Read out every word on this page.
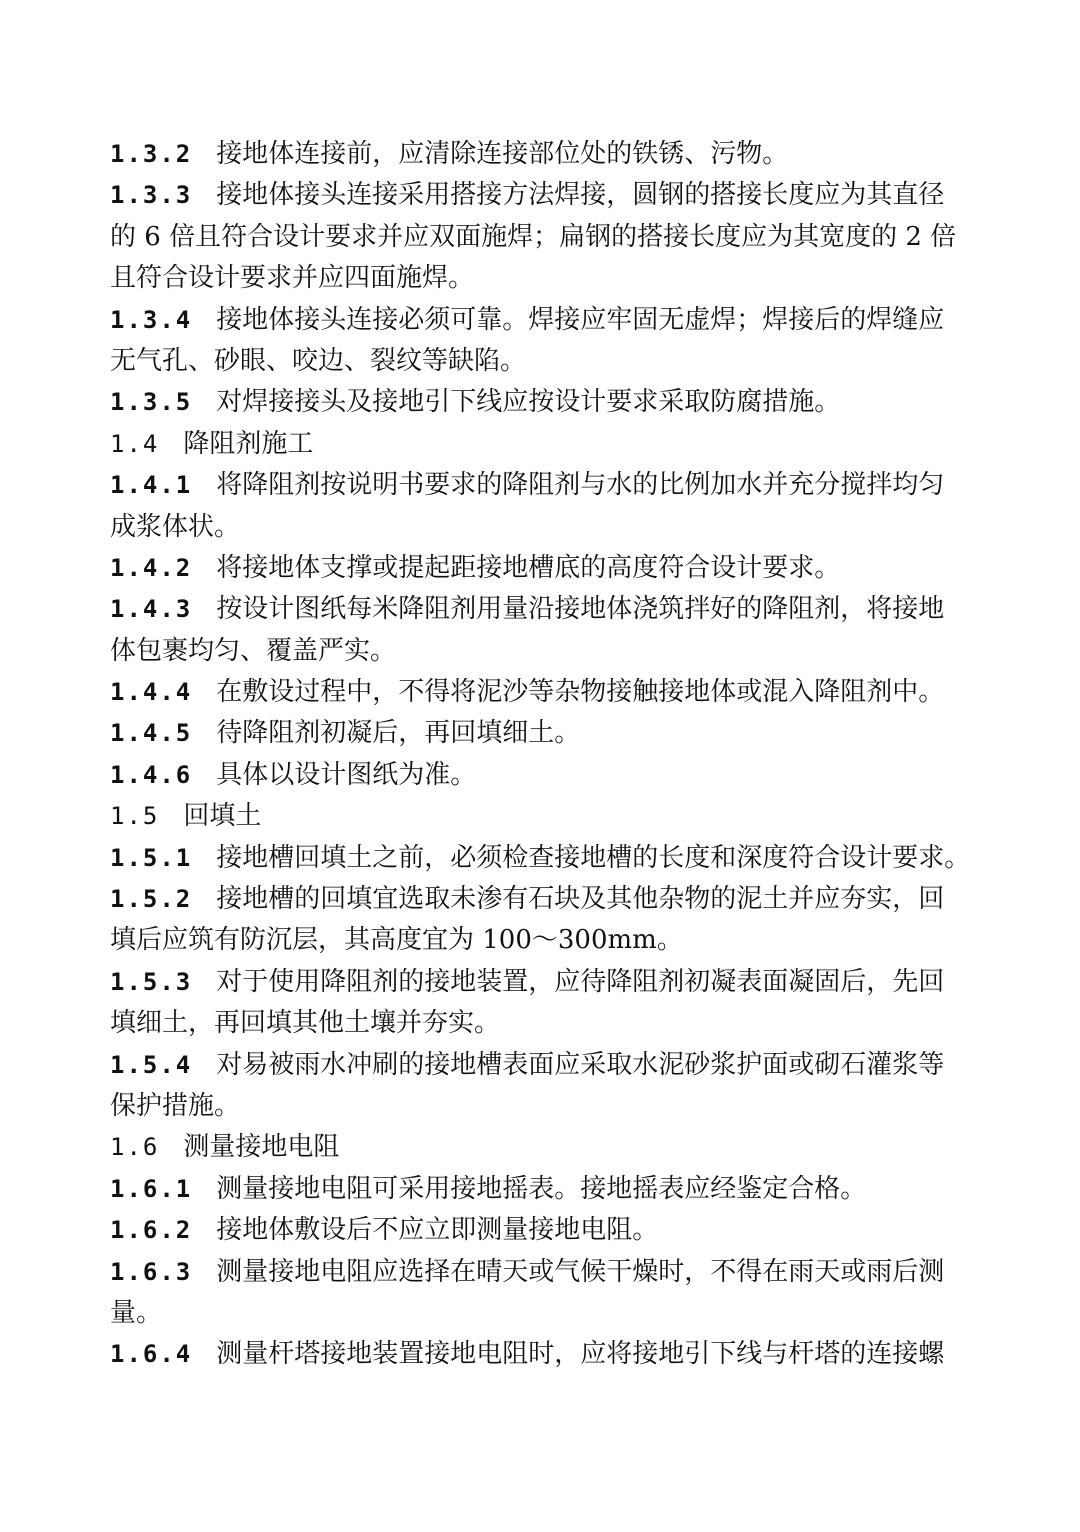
1.3.2 接地体连接前，应清除连接部位处的铁锈、污物。
1.3.3 接地体接头连接采用搭接方法焊接，圆钢的搭接长度应为其直径
的 6 倍且符合设计要求并应双面施焊；扁钢的搭接长度应为其宽度的 2 倍
且符合设计要求并应四面施焊。
1.3.4 接地体接头连接必须可靠。焊接应牢固无虚焊；焊接后的焊缝应
无气孔、砂眼、咬边、裂纹等缺陷。
1.3.5 对焊接接头及接地引下线应按设计要求采取防腐措施。
1.4 降阻剂施工
1.4.1 将降阻剂按说明书要求的降阻剂与水的比例加水并充分搅拌均匀
成浆体状。
1.4.2 将接地体支撑或提起距接地槽底的高度符合设计要求。
1.4.3 按设计图纸每米降阻剂用量沿接地体浇筑拌好的降阻剂，将接地
体包裹均匀、覆盖严实。
1.4.4 在敷设过程中，不得将泥沙等杂物接触接地体或混入降阻剂中。
1.4.5 待降阻剂初凝后，再回填细土。
1.4.6 具体以设计图纸为准。
1.5 回填土
1.5.1 接地槽回填土之前，必须检查接地槽的长度和深度符合设计要求。
1.5.2 接地槽的回填宜选取未渗有石块及其他杂物的泥土并应夯实，回
填后应筑有防沉层，其高度宜为 100～300mm。
1.5.3 对于使用降阻剂的接地装置，应待降阻剂初凝表面凝固后，先回
填细土，再回填其他土壤并夯实。
1.5.4 对易被雨水冲刷的接地槽表面应采取水泥砂浆护面或砌石灌浆等
保护措施。
1.6 测量接地电阻
1.6.1 测量接地电阻可采用接地摇表。接地摇表应经鉴定合格。
1.6.2 接地体敷设后不应立即测量接地电阻。
1.6.3 测量接地电阻应选择在晴天或气候干燥时，不得在雨天或雨后测
量。
1.6.4 测量杆塔接地装置接地电阻时，应将接地引下线与杆塔的连接螺
